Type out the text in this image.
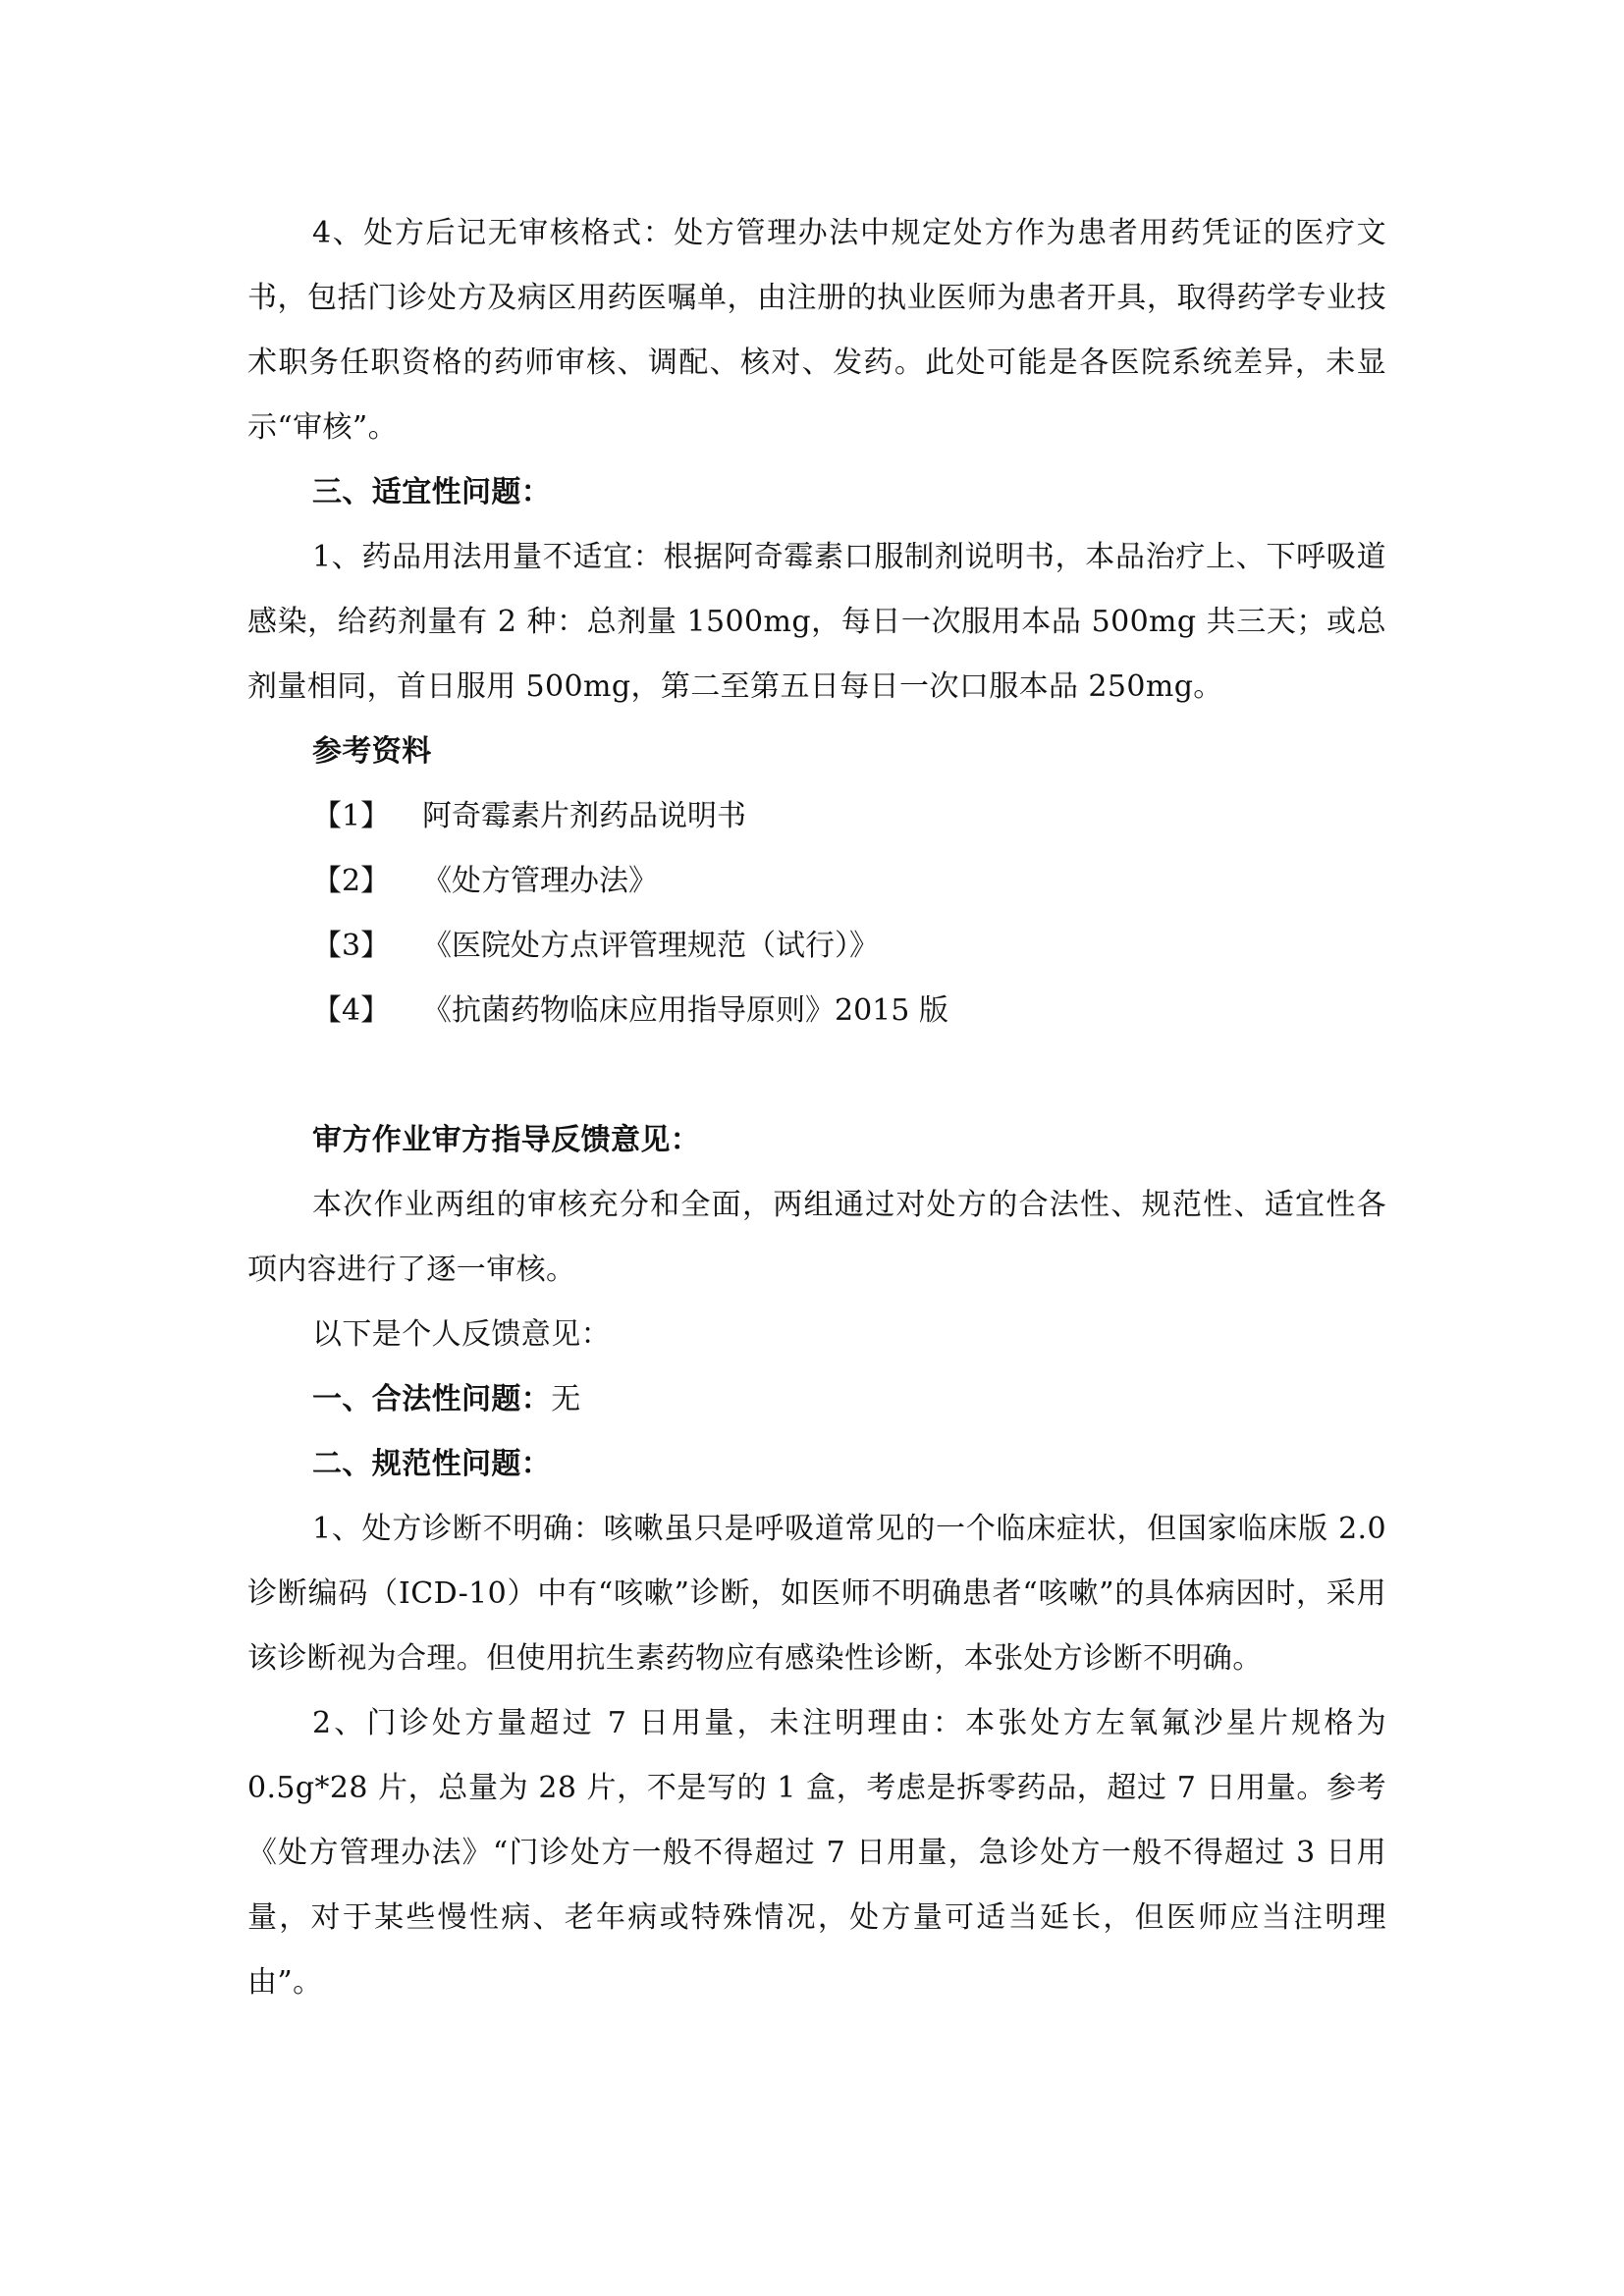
4、处方后记无审核格式：处方管理办法中规定处方作为患者用药凭证的医疗文书，包括门诊处方及病区用药医嘱单，由注册的执业医师为患者开具，取得药学专业技术职务任职资格的药师审核、调配、核对、发药。此处可能是各医院系统差异，未显示“审核”。

三、适宜性问题：

1、药品用法用量不适宜：根据阿奇霉素口服制剂说明书，本品治疗上、下呼吸道感染，给药剂量有 2 种：总剂量 1500mg，每日一次服用本品 500mg 共三天；或总剂量相同，首日服用 500mg，第二至第五日每日一次口服本品 250mg。

参考资料

【1】 阿奇霉素片剂药品说明书
【2】 《处方管理办法》
【3】 《医院处方点评管理规范（试行）》
【4】 《抗菌药物临床应用指导原则》2015 版

审方作业审方指导反馈意见：

本次作业两组的审核充分和全面，两组通过对处方的合法性、规范性、适宜性各项内容进行了逐一审核。

以下是个人反馈意见：

一、合法性问题：无

二、规范性问题：

1、处方诊断不明确：咳嗽虽只是呼吸道常见的一个临床症状，但国家临床版 2.0 诊断编码（ICD-10）中有“咳嗽”诊断，如医师不明确患者“咳嗽”的具体病因时，采用该诊断视为合理。但使用抗生素药物应有感染性诊断，本张处方诊断不明确。

2、门诊处方量超过 7 日用量，未注明理由：本张处方左氧氟沙星片规格为 0.5g*28 片，总量为 28 片，不是写的 1 盒，考虑是拆零药品，超过 7 日用量。参考《处方管理办法》“门诊处方一般不得超过 7 日用量，急诊处方一般不得超过 3 日用量，对于某些慢性病、老年病或特殊情况，处方量可适当延长，但医师应当注明理由”。
